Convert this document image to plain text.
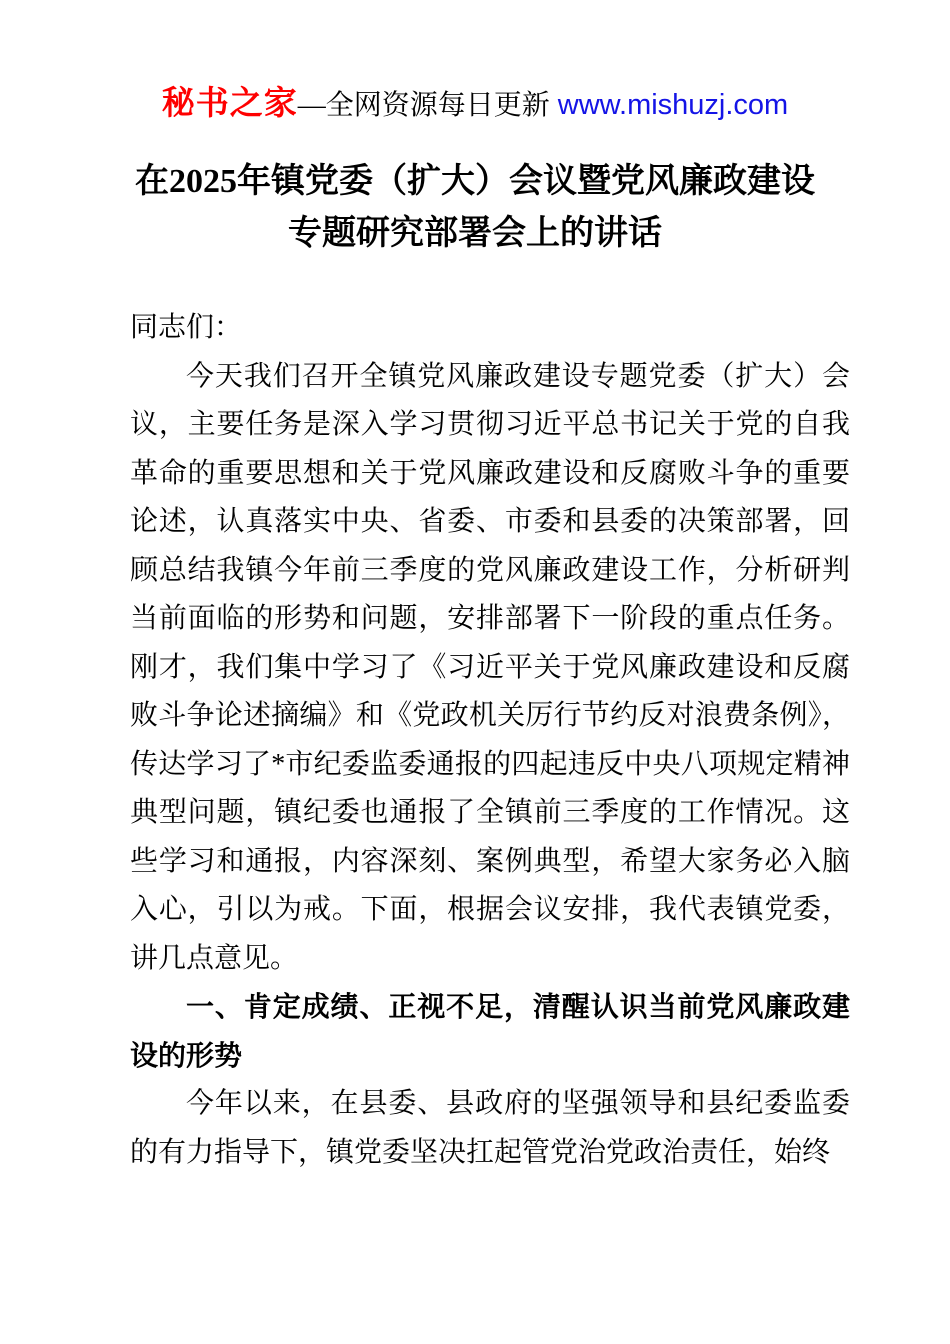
秘书之家—全网资源每日更新 www.mishuzj.com
在2025年镇党委（扩大）会议暨党风廉政建设
专题研究部署会上的讲话

同志们：

今天我们召开全镇党风廉政建设专题党委（扩大）会议，主要任务是深入学习贯彻习近平总书记关于党的自我革命的重要思想和关于党风廉政建设和反腐败斗争的重要论述，认真落实中央、省委、市委和县委的决策部署，回顾总结我镇今年前三季度的党风廉政建设工作，分析研判当前面临的形势和问题，安排部署下一阶段的重点任务。刚才，我们集中学习了《习近平关于党风廉政建设和反腐败斗争论述摘编》和《党政机关厉行节约反对浪费条例》，传达学习了*市纪委监委通报的四起违反中央八项规定精神典型问题，镇纪委也通报了全镇前三季度的工作情况。这些学习和通报，内容深刻、案例典型，希望大家务必入脑入心，引以为戒。下面，根据会议安排，我代表镇党委，讲几点意见。

一、肯定成绩、正视不足，清醒认识当前党风廉政建设的形势

今年以来，在县委、县政府的坚强领导和县纪委监委的有力指导下，镇党委坚决扛起管党治党政治责任，始终
